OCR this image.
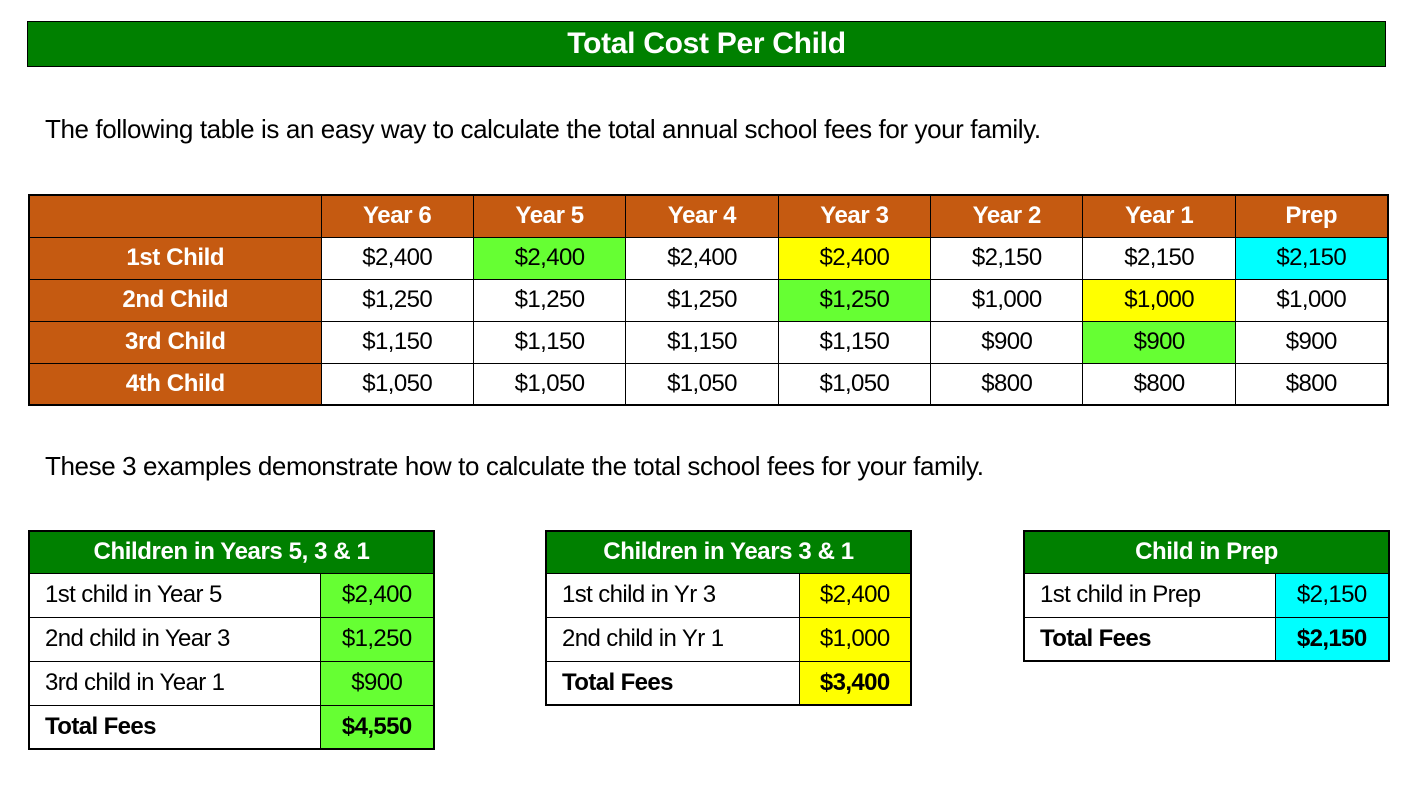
Total Cost Per Child
The following table is an easy way to calculate the total annual school fees for your family.
	Year 6	Year 5	Year 4	Year 3	Year 2	Year 1	Prep
1st Child	$2,400	$2,400	$2,400	$2,400	$2,150	$2,150	$2,150
2nd Child	$1,250	$1,250	$1,250	$1,250	$1,000	$1,000	$1,000
3rd Child	$1,150	$1,150	$1,150	$1,150	$900	$900	$900
4th Child	$1,050	$1,050	$1,050	$1,050	$800	$800	$800
These 3 examples demonstrate how to calculate the total school fees for your family.
Children in Years 5, 3 & 1	
1st child in Year 5	$2,400
2nd child in Year 3	$1,250
3rd child in Year 1	$900
Total Fees	$4,550
Children in Years 3 & 1	
1st child in Yr 3	$2,400
2nd child in Yr 1	$1,000
Total Fees	$3,400
Child in Prep	
1st child in Prep	$2,150
Total Fees	$2,150
